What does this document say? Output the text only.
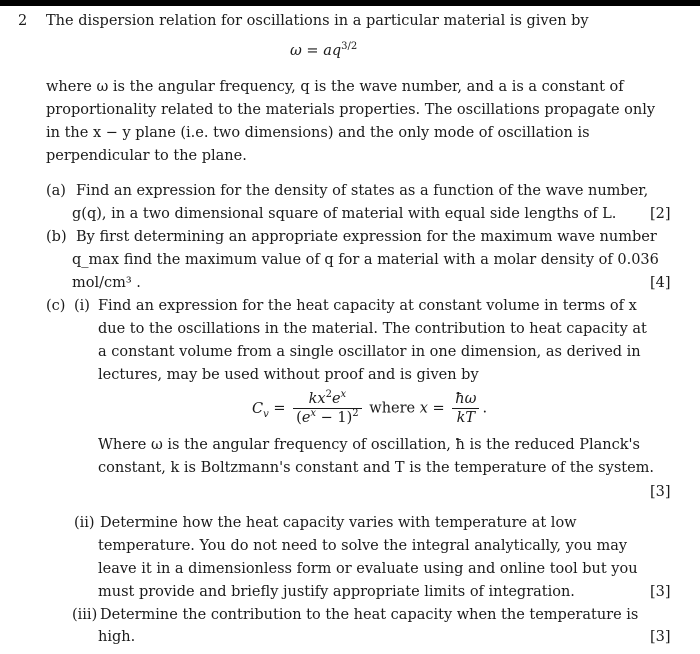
2 The dispersion relation for oscillations in a particular material is given by
$\omega = aq^{3/2}$
where ω is the angular frequency, q is the wave number, and a is a constant of
proportionality related to the materials properties. The oscillations propagate only
in the x − y plane (i.e. two dimensions) and the only mode of oscillation is
perpendicular to the plane.
(a) Find an expression for the density of states as a function of the wave number,
g(q), in a two dimensional square of material with equal side lengths of L. [2]
(b) By first determining an appropriate expression for the maximum wave number
q_max find the maximum value of q for a material with a molar density of 0.036
mol/cm³ .	[4]
(c) (i) Find an expression for the heat capacity at constant volume in terms of x
due to the oscillations in the material. The contribution to heat capacity at
a constant volume from a single oscillator in one dimension, as derived in
lectures, may be used without proof and is given by
$C_v = \frac{kx^2e^x}{(e^x - 1)^2}$ where $x = \frac{ħ\omega}{kT}$ .
Where ω is the angular frequency of oscillation, ħ is the reduced Planck's
constant, k is Boltzmann's constant and T is the temperature of the system.
[3]
(ii) Determine how the heat capacity varies with temperature at low
temperature. You do not need to solve the integral analytically, you may
leave it in a dimensionless form or evaluate using and online tool but you
must provide and briefly justify appropriate limits of integration.	[3]
(iii) Determine the contribution to the heat capacity when the temperature is
high.	[3]
